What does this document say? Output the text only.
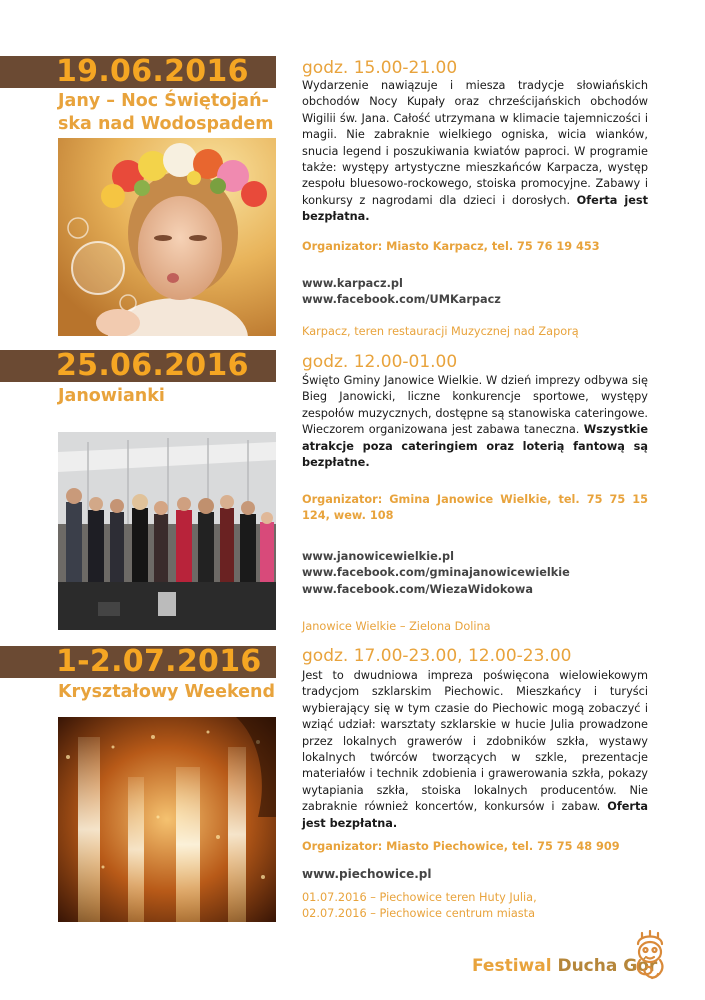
19.06.2016
Jany – Noc Świętojań-
ska nad Wodospadem
godz. 15.00-21.00
Wydarzenie nawiązuje i miesza tradycje słowiańskich obchodów Nocy Kupały oraz chrześcijańskich obchodów Wigilii św. Jana. Całość utrzymana w klimacie tajemniczości i magii. Nie zabraknie wielkiego ogniska, wicia wianków, snucia legend i poszukiwania kwiatów paproci. W programie także: występy artystyczne mieszkańców Karpacza, występ zespołu bluesowo-rockowego, stoiska promocyjne. Zabawy i konkursy z nagrodami dla dzieci i dorosłych. Oferta jest bezpłatna.
Organizator: Miasto Karpacz, tel. 75 76 19 453
www.karpacz.pl
www.facebook.com/UMKarpacz
Karpacz, teren restauracji Muzycznej nad Zaporą
25.06.2016
Janowianki
godz. 12.00-01.00
Święto Gminy Janowice Wielkie. W dzień imprezy odbywa się Bieg Janowicki, liczne konkurencje sportowe, występy zespołów muzycznych, dostępne są stanowiska cateringowe. Wieczorem organizowana jest zabawa taneczna. Wszystkie atrakcje poza cateringiem oraz loterią fantową są bezpłatne.
Organizator: Gmina Janowice Wielkie, tel. 75 75 15 124, wew. 108
www.janowicewielkie.pl
www.facebook.com/gminajanowicewielkie
www.facebook.com/WiezaWidokowa
Janowice Wielkie – Zielona Dolina
1-2.07.2016
Kryształowy Weekend
godz. 17.00-23.00, 12.00-23.00
Jest to dwudniowa impreza poświęcona wielowiekowym tradycjom szklarskim Piechowic. Mieszkańcy i turyści wybierający się w tym czasie do Piechowic mogą zobaczyć i wziąć udział: warsztaty szklarskie w hucie Julia prowadzone przez lokalnych grawerów i zdobników szkła, wystawy lokalnych twórców tworzących w szkle, prezentacje materiałów i technik zdobienia i grawerowania szkła, pokazy wytapiania szkła, stoiska lokalnych producentów. Nie zabraknie również koncertów, konkursów i zabaw. Oferta jest bezpłatna.
Organizator: Miasto Piechowice, tel. 75 75 48 909
www.piechowice.pl
01.07.2016 – Piechowice teren Huty Julia,
02.07.2016 – Piechowice centrum miasta
Festiwal Ducha Gór
